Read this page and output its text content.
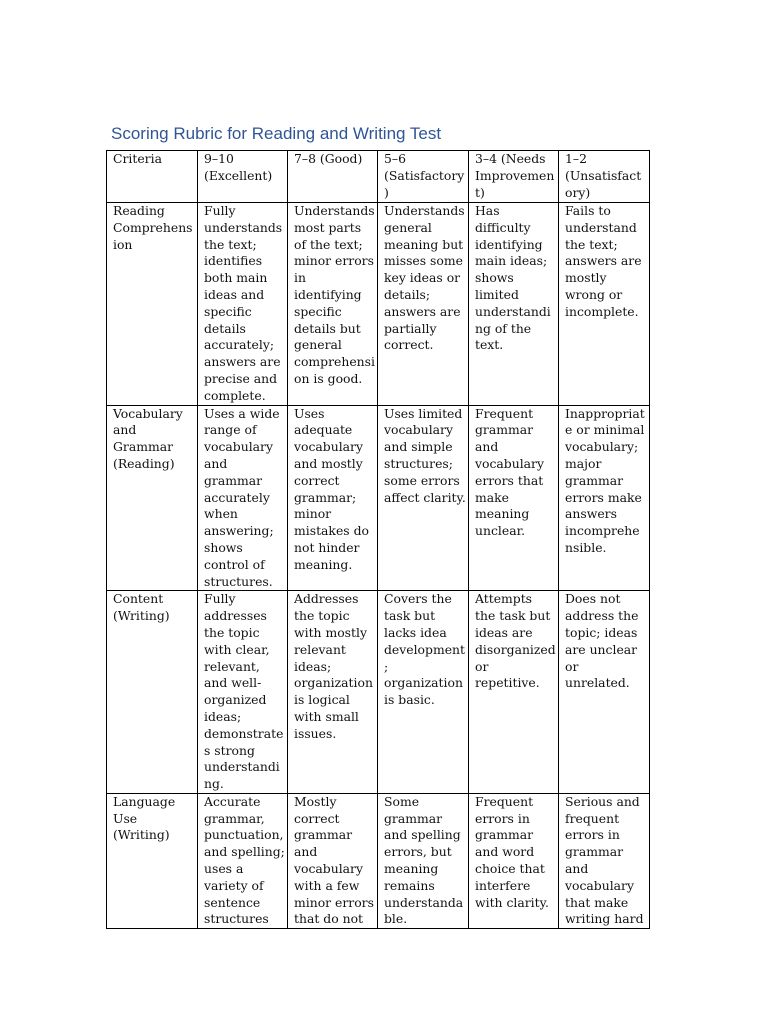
Scoring Rubric for Reading and Writing Test
Criteria	9–10 (Excellent)	7–8 (Good)	5–6 (Satisfactory)	3–4 (Needs Improvement)	1–2 (Unsatisfactory)
Reading Comprehension	Fully understands the text; identifies both main ideas and specific details accurately; answers are precise and complete.	Understands most parts of the text; minor errors in identifying specific details but general comprehension is good.	Understands general meaning but misses some key ideas or details; answers are partially correct.	Has difficulty identifying main ideas; shows limited understanding of the text.	Fails to understand the text; answers are mostly wrong or incomplete.
Vocabulary and Grammar (Reading)	Uses a wide range of vocabulary and grammar accurately when answering; shows control of structures.	Uses adequate vocabulary and mostly correct grammar; minor mistakes do not hinder meaning.	Uses limited vocabulary and simple structures; some errors affect clarity.	Frequent grammar and vocabulary errors that make meaning unclear.	Inappropriate or minimal vocabulary; major grammar errors make answers incomprehensible.
Content (Writing)	Fully addresses the topic with clear, relevant, and well-organized ideas; demonstrates strong understanding.	Addresses the topic with mostly relevant ideas; organization is logical with small issues.	Covers the task but lacks idea development; organization is basic.	Attempts the task but ideas are disorganized or repetitive.	Does not address the topic; ideas are unclear or unrelated.
Language Use (Writing)	Accurate grammar, punctuation, and spelling; uses a variety of sentence structures	Mostly correct grammar and vocabulary with a few minor errors that do not	Some grammar and spelling errors, but meaning remains understandable.	Frequent errors in grammar and word choice that interfere with clarity.	Serious and frequent errors in grammar and vocabulary that make writing hard
